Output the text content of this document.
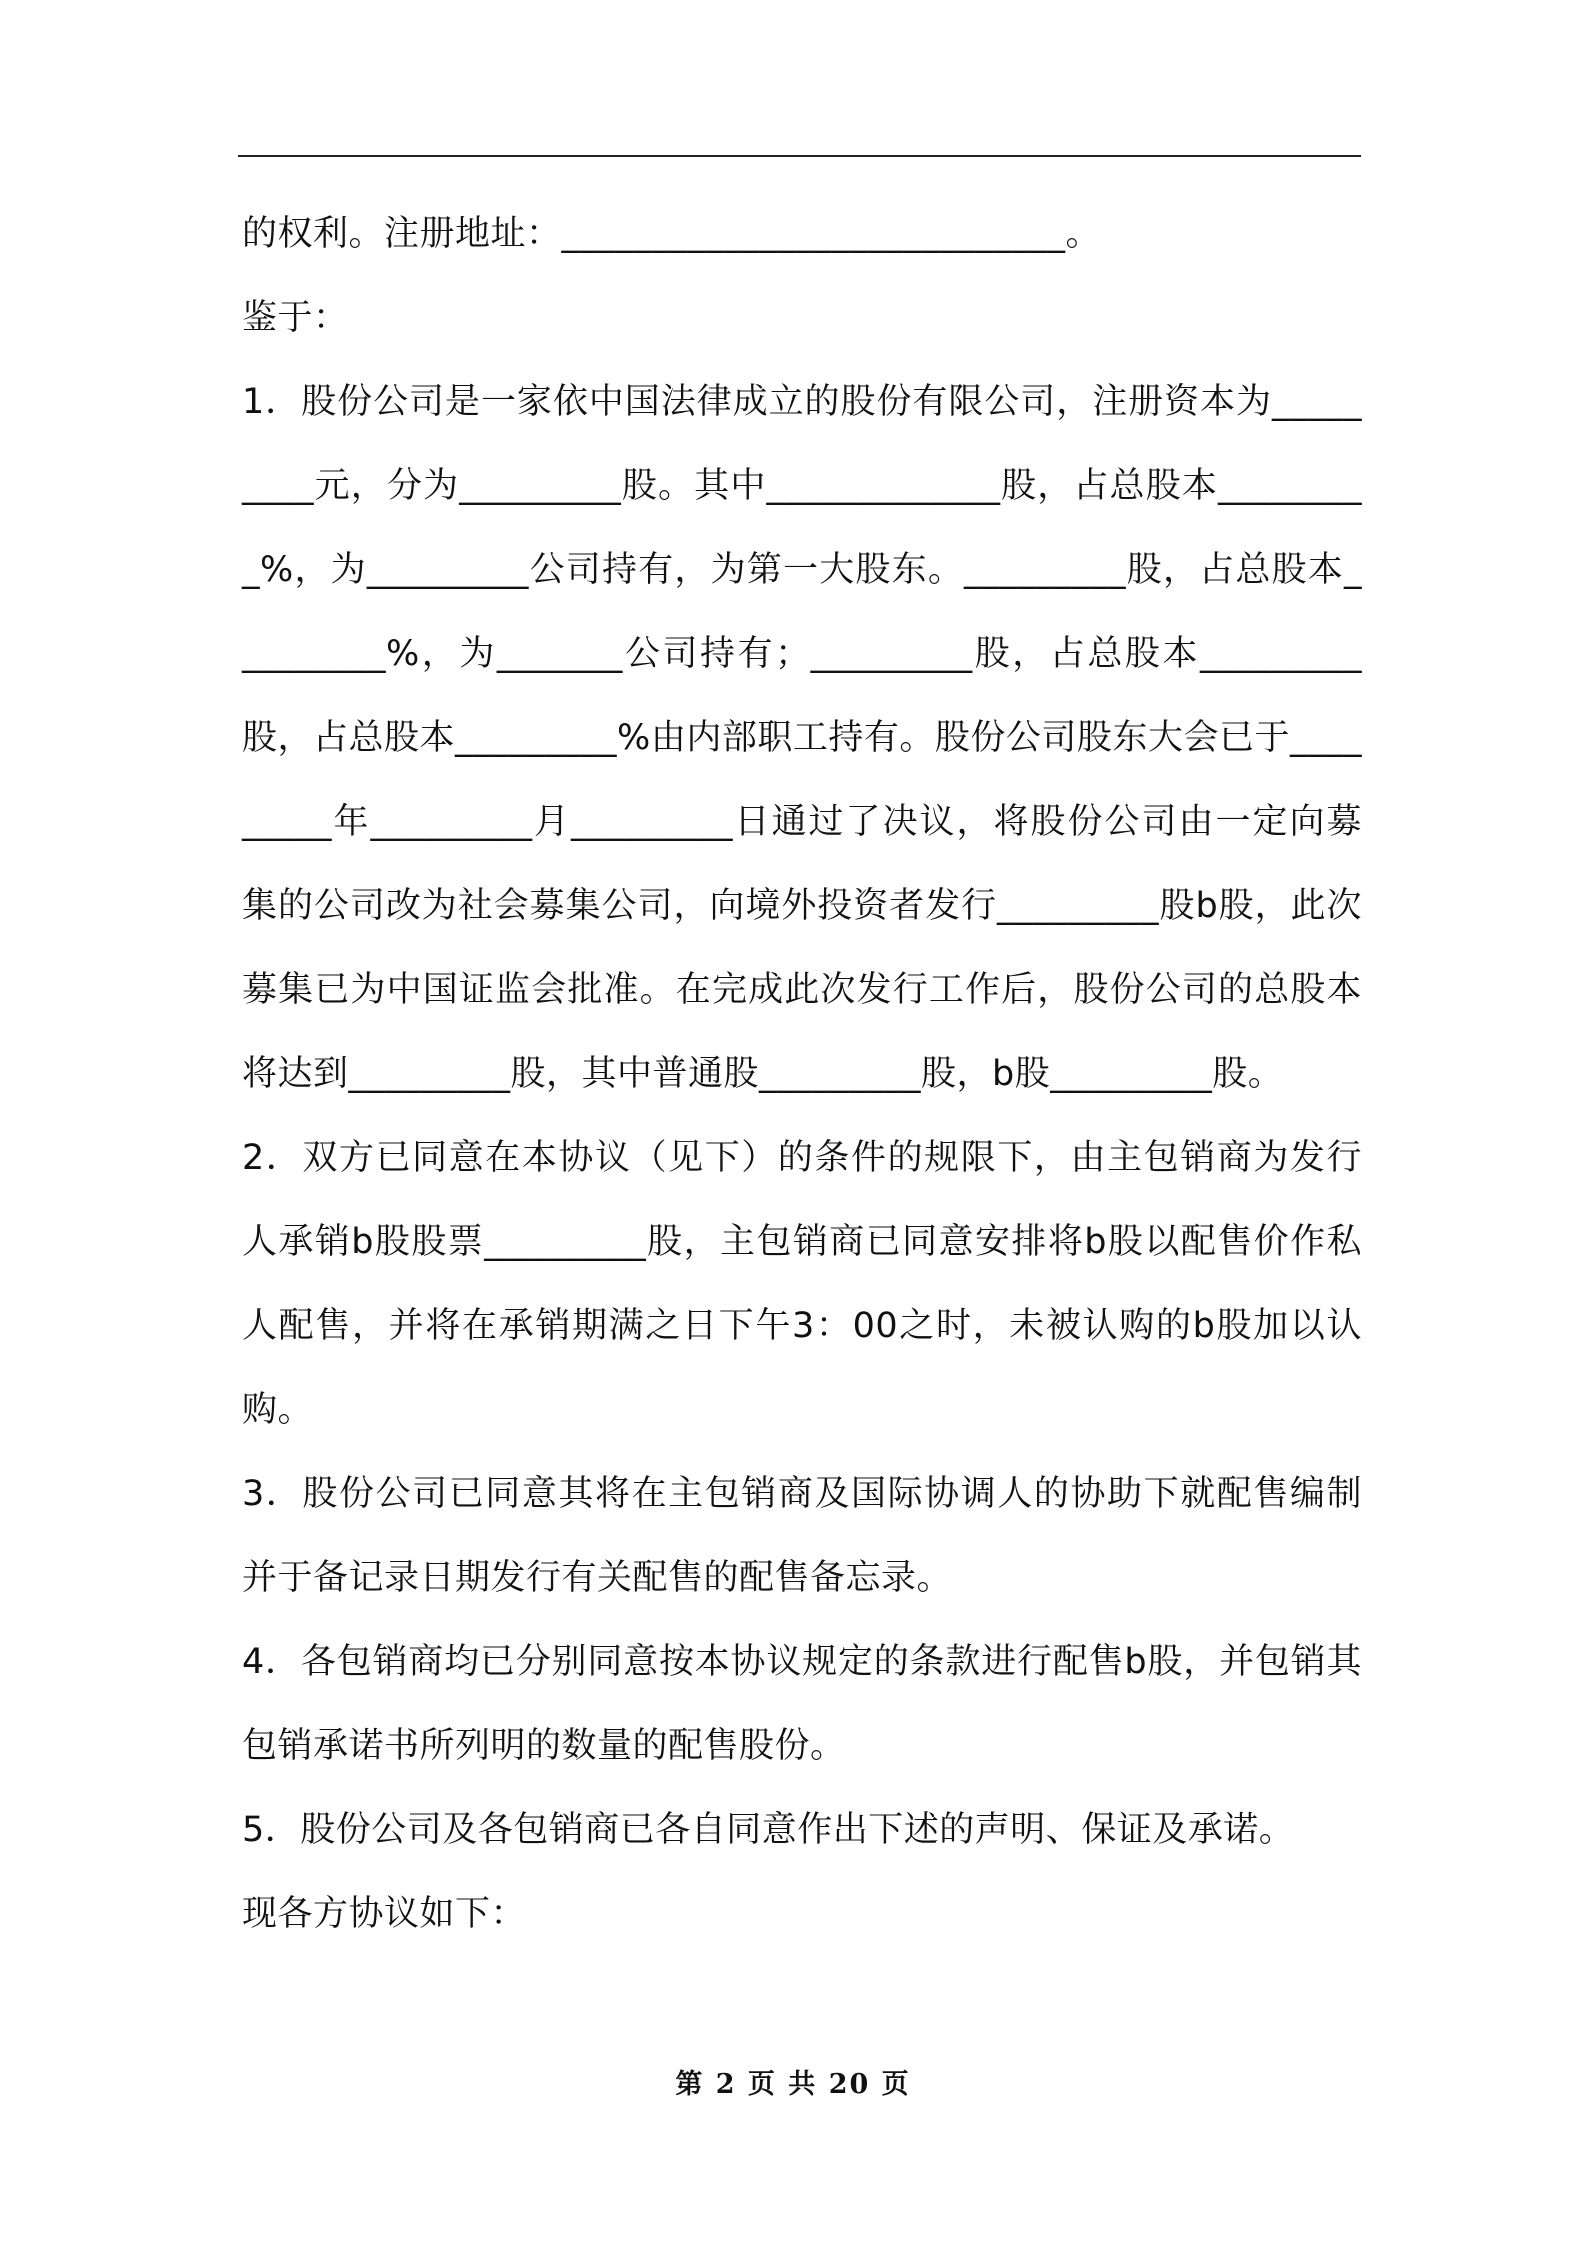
的权利。注册地址：____________________________。

鉴于：

1．股份公司是一家依中国法律成立的股份有限公司，注册资本为_________元，分为_________股。其中_____________股，占总股本_________%，为_________公司持有，为第一大股东。_________股，占总股本_________%，为_______公司持有；_________股，占总股本_________股，占总股本_________%由内部职工持有。股份公司股东大会已于_________年_________月_________日通过了决议，将股份公司由一定向募集的公司改为社会募集公司，向境外投资者发行_________股b股，此次募集已为中国证监会批准。在完成此次发行工作后，股份公司的总股本将达到_________股，其中普通股_________股，b股_________股。

2．双方已同意在本协议（见下）的条件的规限下，由主包销商为发行人承销b股股票_________股，主包销商已同意安排将b股以配售价作私人配售，并将在承销期满之日下午3：00之时，未被认购的b股加以认购。

3．股份公司已同意其将在主包销商及国际协调人的协助下就配售编制并于备记录日期发行有关配售的配售备忘录。

4．各包销商均已分别同意按本协议规定的条款进行配售b股，并包销其包销承诺书所列明的数量的配售股份。

5．股份公司及各包销商已各自同意作出下述的声明、保证及承诺。

现各方协议如下：

第 2 页 共 20 页
